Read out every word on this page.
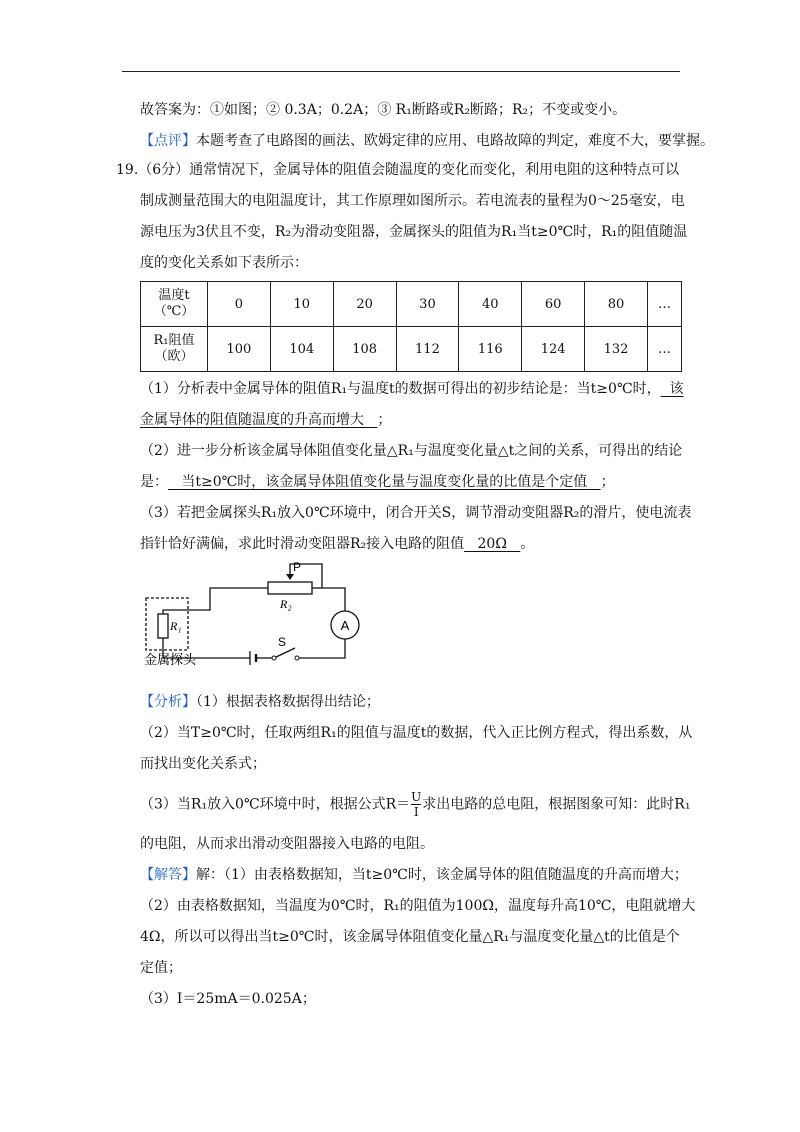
故答案为：①如图；② 0.3A；0.2A；③ R₁断路或R₂断路；R₂；不变或变小。
【点评】本题考查了电路图的画法、欧姆定律的应用、电路故障的判定，难度不大，要掌握。
19.（6分）通常情况下，金属导体的阻值会随温度的变化而变化，利用电阻的这种特点可以
制成测量范围大的电阻温度计，其工作原理如图所示。若电流表的量程为0～25毫安，电
源电压为3伏且不变，R₂为滑动变阻器，金属探头的阻值为R₁当t≥0℃时，R₁的阻值随温
度的变化关系如下表所示：
温度t
（℃）	0	10	20	30	40	60	80	…
R₁阻值
（欧）	100	104	108	112	116	124	132	…
（1）分析表中金属导体的阻值R₁与温度t的数据可得出的初步结论是：当t≥0℃时， 该
金属导体的阻值随温度的升高而增大 ；
（2）进一步分析该金属导体阻值变化量△R₁与温度变化量△t之间的关系，可得出的结论
是： 当t≥0℃时，该金属导体阻值变化量与温度变化量的比值是个定值 ；
（3）若把金属探头R₁放入0℃环境中，闭合开关S，调节滑动变阻器R₂的滑片，使电流表
指针恰好满偏，求此时滑动变阻器R₂接入电路的阻值 20Ω 。
P
R₂
R₁	A
S
金属探头
【分析】（1）根据表格数据得出结论；
（2）当T≥0℃时，任取两组R₁的阻值与温度t的数据，代入正比例方程式，得出系数，从
而找出变化关系式；
（3）当R₁放入0℃环境中时，根据公式$R= \frac{U}{I}$ 求出电路的总电阻，根据图象可知：此时R₁
的电阻，从而求出滑动变阻器接入电路的电阻。
【解答】解：（1）由表格数据知，当t≥0℃时，该金属导体的阻值随温度的升高而增大；
（2）由表格数据知，当温度为0℃时，R₁的阻值为100Ω，温度每升高10℃，电阻就增大
4Ω，所以可以得出当t≥0℃时，该金属导体阻值变化量△R₁与温度变化量△t的比值是个
定值；
（3）I＝25mA＝0.025A；
